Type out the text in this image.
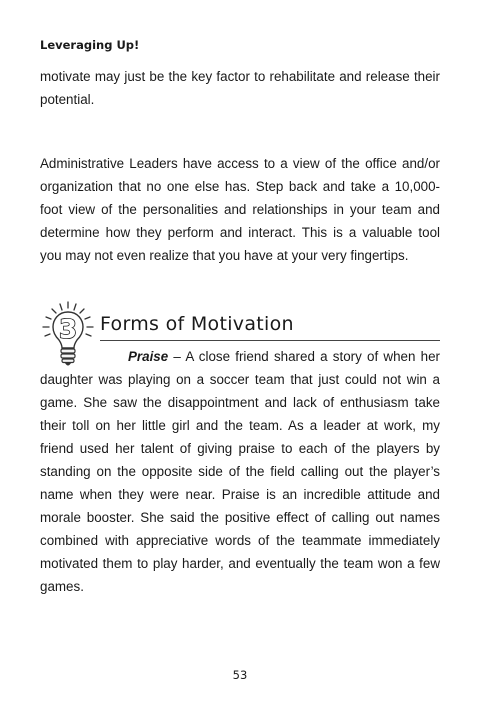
Leveraging Up!

motivate may just be the key factor to rehabilitate and release their potential.

Administrative Leaders have access to a view of the office and/or organization that no one else has. Step back and take a 10,000-foot view of the personalities and relationships in your team and determine how they perform and interact. This is a valuable tool you may not even realize that you have at your very fingertips.

3 Forms of Motivation

Praise – A close friend shared a story of when her daughter was playing on a soccer team that just could not win a game. She saw the disappointment and lack of enthusiasm take their toll on her little girl and the team. As a leader at work, my friend used her talent of giving praise to each of the players by standing on the opposite side of the field calling out the player’s name when they were near. Praise is an incredible attitude and morale booster. She said the positive effect of calling out names combined with appreciative words of the teammate immediately motivated them to play harder, and eventually the team won a few games.

53
